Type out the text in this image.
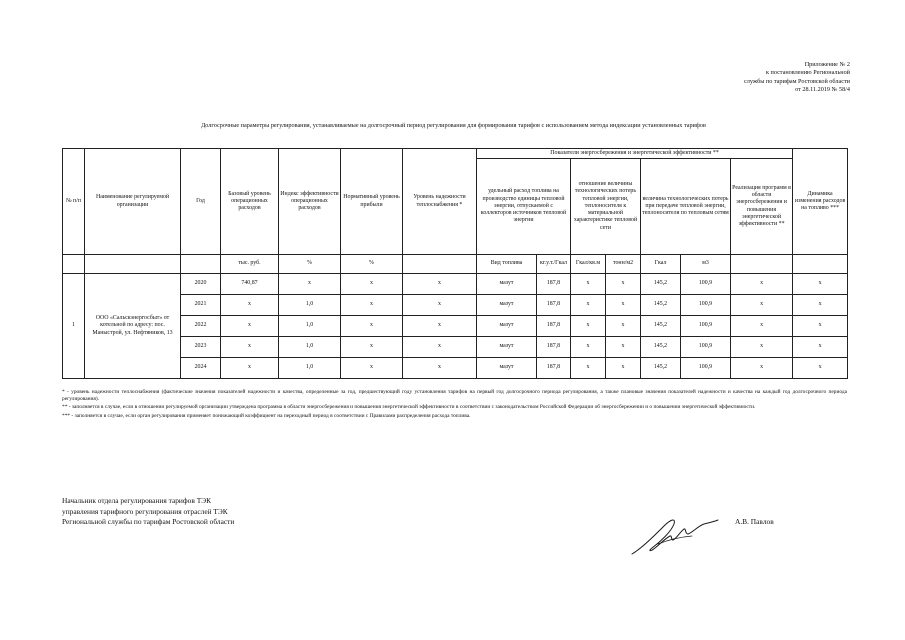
Приложение № 2
к постановлению Региональной
службы по тарифам Ростовской области
от 28.11.2019 № 58/4
Долгосрочные параметры регулирования, устанавливаемые на долгосрочный период регулирования для формирования тарифов с использованием метода индексации установленных тарифов
№ п/п	Наименование регулируемой организации	Год	Базовый уровень операционных расходов	Индекс эффективности операционных расходов	Нормативный уровень прибыли	Уровень надежности теплоснабжения *	Показатели энергосбережения и энергетической эффективности **							Динамика изменения расходов на топливо ***
							удельный расход топлива на производство единицы тепловой энергии, отпускаемой с коллекторов источников тепловой энергии		отношение величины технологических потерь тепловой энергии, теплоносителя к материальной характеристике тепловой сети		величина технологических потерь при передаче тепловой энергии, теплоносителя по тепловым сетям		Реализация программ в области энергосбережения и повышения энергетической эффективности **	
			тыс. руб.	%	%		Вид топлива	кг.у.т./Гкал	Гкал/кв.м	тонн/м2	Гкал	м3		
1	ООО «Сальскэнергосбыт» от котельной по адресу: пос. Маныстрой, ул. Нефтяников, 13	2020	740,87	x	x	x	мазут	187,8	x	x	145,2	100,9	x	x
		2021	x	1,0	x	x	мазут	187,8	x	x	145,2	100,9	x	x
		2022	x	1,0	x	x	мазут	187,8	x	x	145,2	100,9	x	x
		2023	x	1,0	x	x	мазут	187,8	x	x	145,2	100,9	x	x
		2024	x	1,0	x	x	мазут	187,8	x	x	145,2	100,9	x	x

* - уровень надежности теплоснабжения (фактические значения показателей надежности и качества, определенные за год, предшествующий году установления тарифов на первый год долгосрочного периода регулирования, а также плановые значения показателей надежности и качества на каждый год долгосрочного периода регулирования).

** - заполняется в случае, если в отношении регулируемой организации утверждена программа в области энергосбережения и повышения энергетической эффективности в соответствии с законодательством Российской Федерации об энергосбережении и о повышении энергетической эффективности.

*** - заполняется в случае, если орган регулирования применяет понижающий коэффициент на переходный период в соответствии с Правилами распределения расхода топлива.

Начальник отдела регулирования тарифов ТЭК
управления тарифного регулирования отраслей ТЭК
Региональной службы по тарифам Ростовской области	А.В. Павлов
